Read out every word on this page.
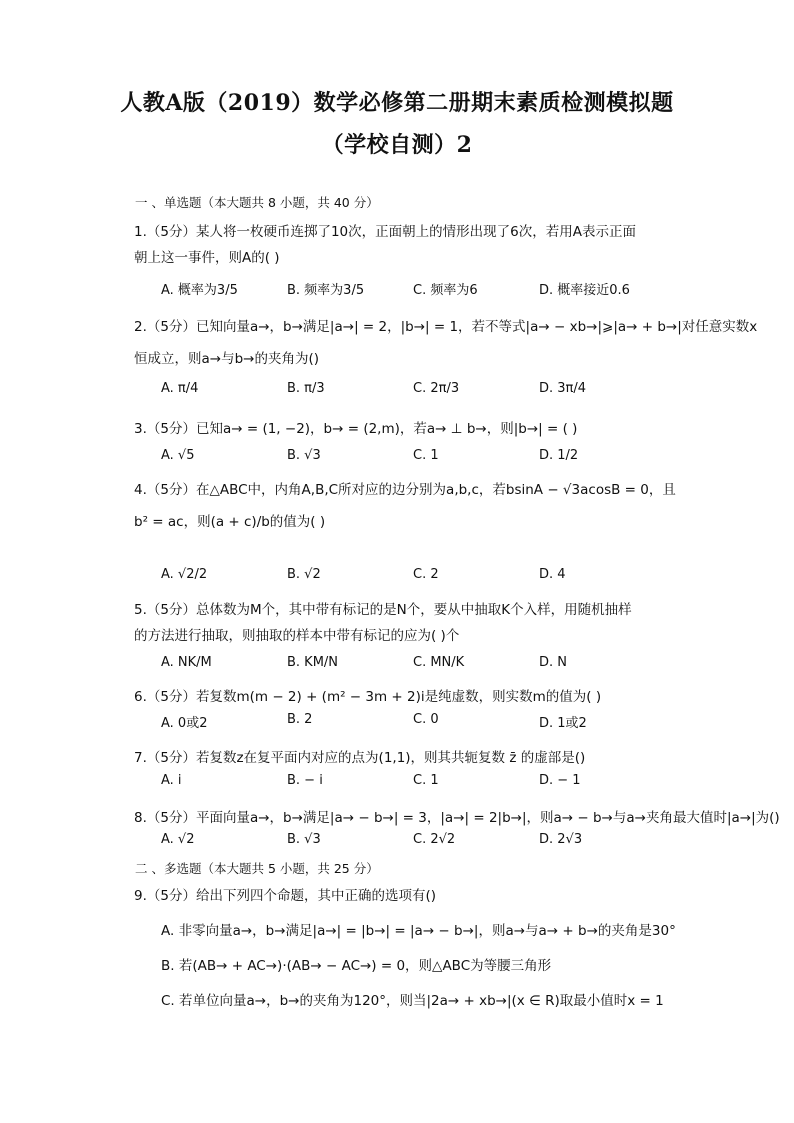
人教A版（2019）数学必修第二册期末素质检测模拟题
（学校自测）2
一 、单选题（本大题共 8 小题，共 40 分）
1.（5分）某人将一枚硬币连掷了10次，正面朝上的情形出现了6次，若用A表示正面
朝上这一事件，则A的( )
A. 概率为3/5	B. 频率为3/5	C. 频率为6	D. 概率接近0.6
2.（5分）已知向量a→，b→满足|a→| = 2，|b→| = 1，若不等式|a→ − xb→|⩾|a→ + b→|对任意实数x
恒成立，则a→与b→的夹角为()
A. π/4	B. π/3	C. 2π/3	D. 3π/4
3.（5分）已知a→ = (1, −2)，b→ = (2,m)，若a→ ⊥ b→，则|b→| = ( )
A. √5	B. √3	C. 1	D. 1/2
4.（5分）在△ABC中，内角A,B,C所对应的边分别为a,b,c，若bsinA − √3acosB = 0，且
b² = ac，则(a + c)/b的值为( )
A. √2/2	B. √2	C. 2	D. 4
5.（5分）总体数为M个，其中带有标记的是N个，要从中抽取K个入样，用随机抽样
的方法进行抽取，则抽取的样本中带有标记的应为( )个
A. NK/M	B. KM/N	C. MN/K	D. N
6.（5分）若复数m(m − 2) + (m² − 3m + 2)i是纯虚数，则实数m的值为( )
A. 0或2	B. 2	C. 0	D. 1或2
7.（5分）若复数z在复平面内对应的点为(1,1)，则其共轭复数 z̄ 的虚部是()
A. i	B. − i	C. 1	D. − 1
8.（5分）平面向量a→，b→满足|a→ − b→| = 3，|a→| = 2|b→|，则a→ − b→与a→夹角最大值时|a→|为()
A. √2	B. √3	C. 2√2	D. 2√3
二 、多选题（本大题共 5 小题，共 25 分）
9.（5分）给出下列四个命题，其中正确的选项有()
A. 非零向量a→，b→满足|a→| = |b→| = |a→ − b→|，则a→与a→ + b→的夹角是30°
B. 若(AB→ + AC→)·(AB→ − AC→) = 0，则△ABC为等腰三角形
C. 若单位向量a→，b→的夹角为120°，则当|2a→ + xb→|(x ∈ R)取最小值时x = 1
